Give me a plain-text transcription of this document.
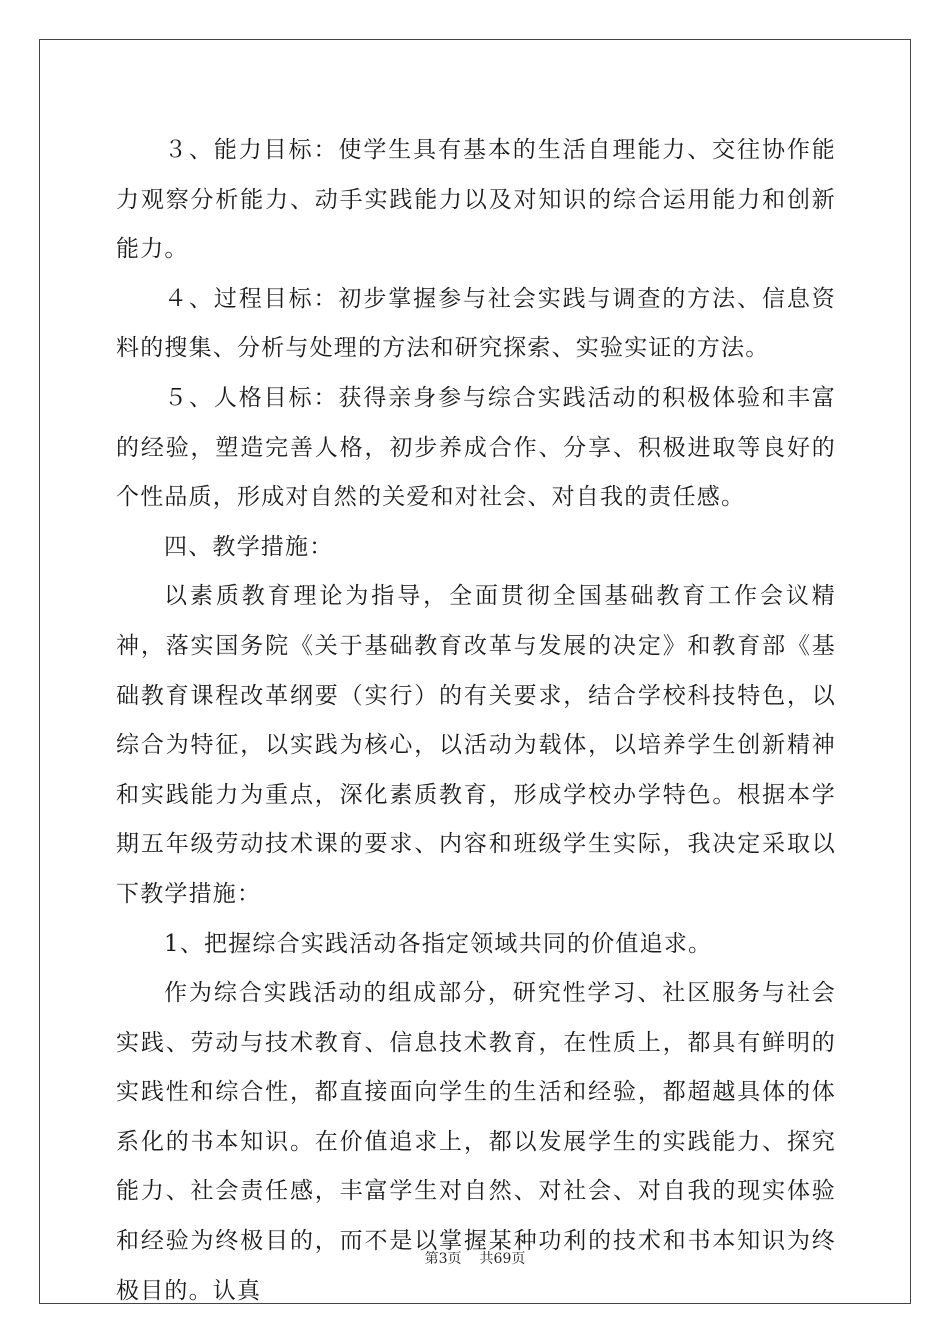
３、能力目标：使学生具有基本的生活自理能力、交往协作能力观察分析能力、动手实践能力以及对知识的综合运用能力和创新能力。

４、过程目标：初步掌握参与社会实践与调查的方法、信息资料的搜集、分析与处理的方法和研究探索、实验实证的方法。

５、人格目标：获得亲身参与综合实践活动的积极体验和丰富的经验，塑造完善人格，初步养成合作、分享、积极进取等良好的个性品质，形成对自然的关爱和对社会、对自我的责任感。

四、教学措施：

以素质教育理论为指导，全面贯彻全国基础教育工作会议精神，落实国务院《关于基础教育改革与发展的决定》和教育部《基础教育课程改革纲要（实行）的有关要求，结合学校科技特色，以综合为特征，以实践为核心，以活动为载体，以培养学生创新精神和实践能力为重点，深化素质教育，形成学校办学特色。根据本学期五年级劳动技术课的要求、内容和班级学生实际，我决定采取以下教学措施：

1、把握综合实践活动各指定领域共同的价值追求。

作为综合实践活动的组成部分，研究性学习、社区服务与社会实践、劳动与技术教育、信息技术教育，在性质上，都具有鲜明的实践性和综合性，都直接面向学生的生活和经验，都超越具体的体系化的书本知识。在价值追求上，都以发展学生的实践能力、探究能力、社会责任感，丰富学生对自然、对社会、对自我的现实体验和经验为终极目的，而不是以掌握某种功利的技术和书本知识为终极目的。认真

第3页 共69页
